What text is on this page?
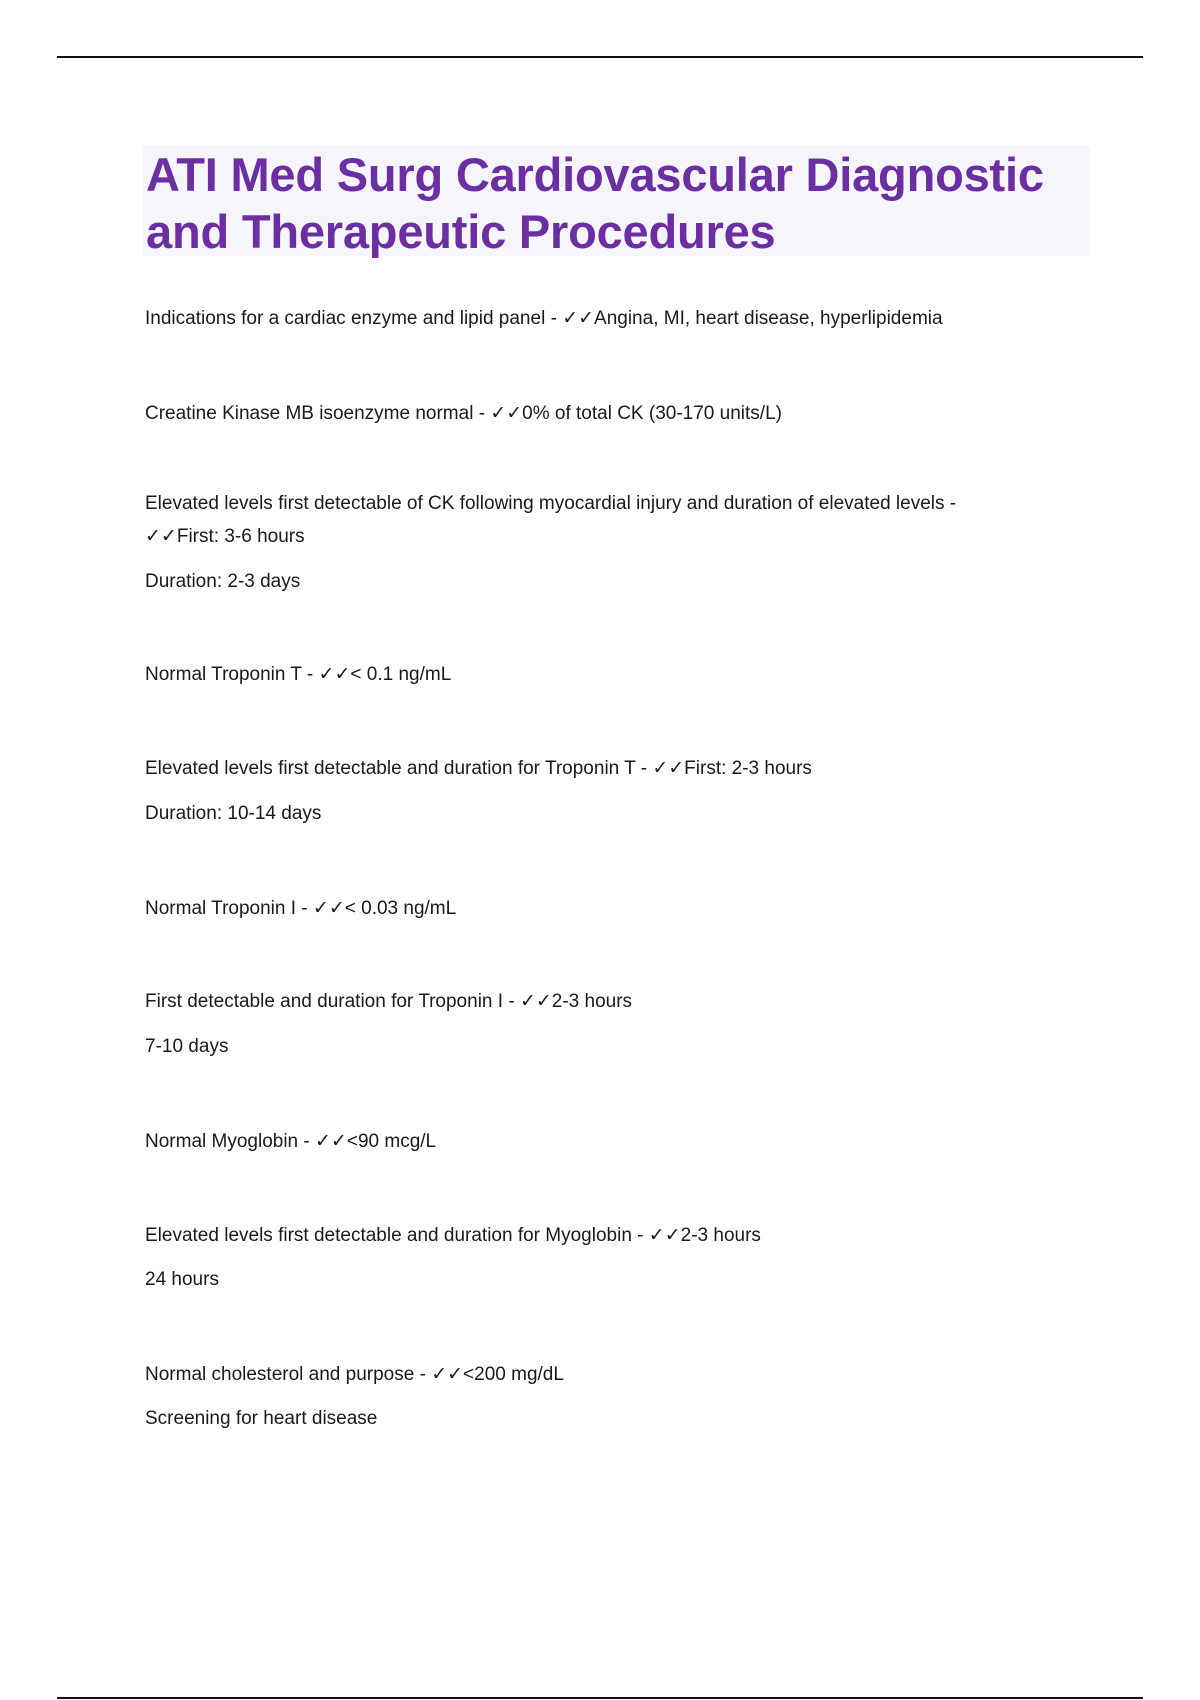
ATI Med Surg Cardiovascular Diagnostic
and Therapeutic Procedures
Indications for a cardiac enzyme and lipid panel - ✓✓Angina, MI, heart disease, hyperlipidemia
Creatine Kinase MB isoenzyme normal - ✓✓0% of total CK (30-170 units/L)
Elevated levels first detectable of CK following myocardial injury and duration of elevated levels -
✓✓First: 3-6 hours
Duration: 2-3 days
Normal Troponin T - ✓✓< 0.1 ng/mL
Elevated levels first detectable and duration for Troponin T - ✓✓First: 2-3 hours
Duration: 10-14 days
Normal Troponin I - ✓✓< 0.03 ng/mL
First detectable and duration for Troponin I - ✓✓2-3 hours
7-10 days
Normal Myoglobin - ✓✓<90 mcg/L
Elevated levels first detectable and duration for Myoglobin - ✓✓2-3 hours
24 hours
Normal cholesterol and purpose - ✓✓<200 mg/dL
Screening for heart disease
